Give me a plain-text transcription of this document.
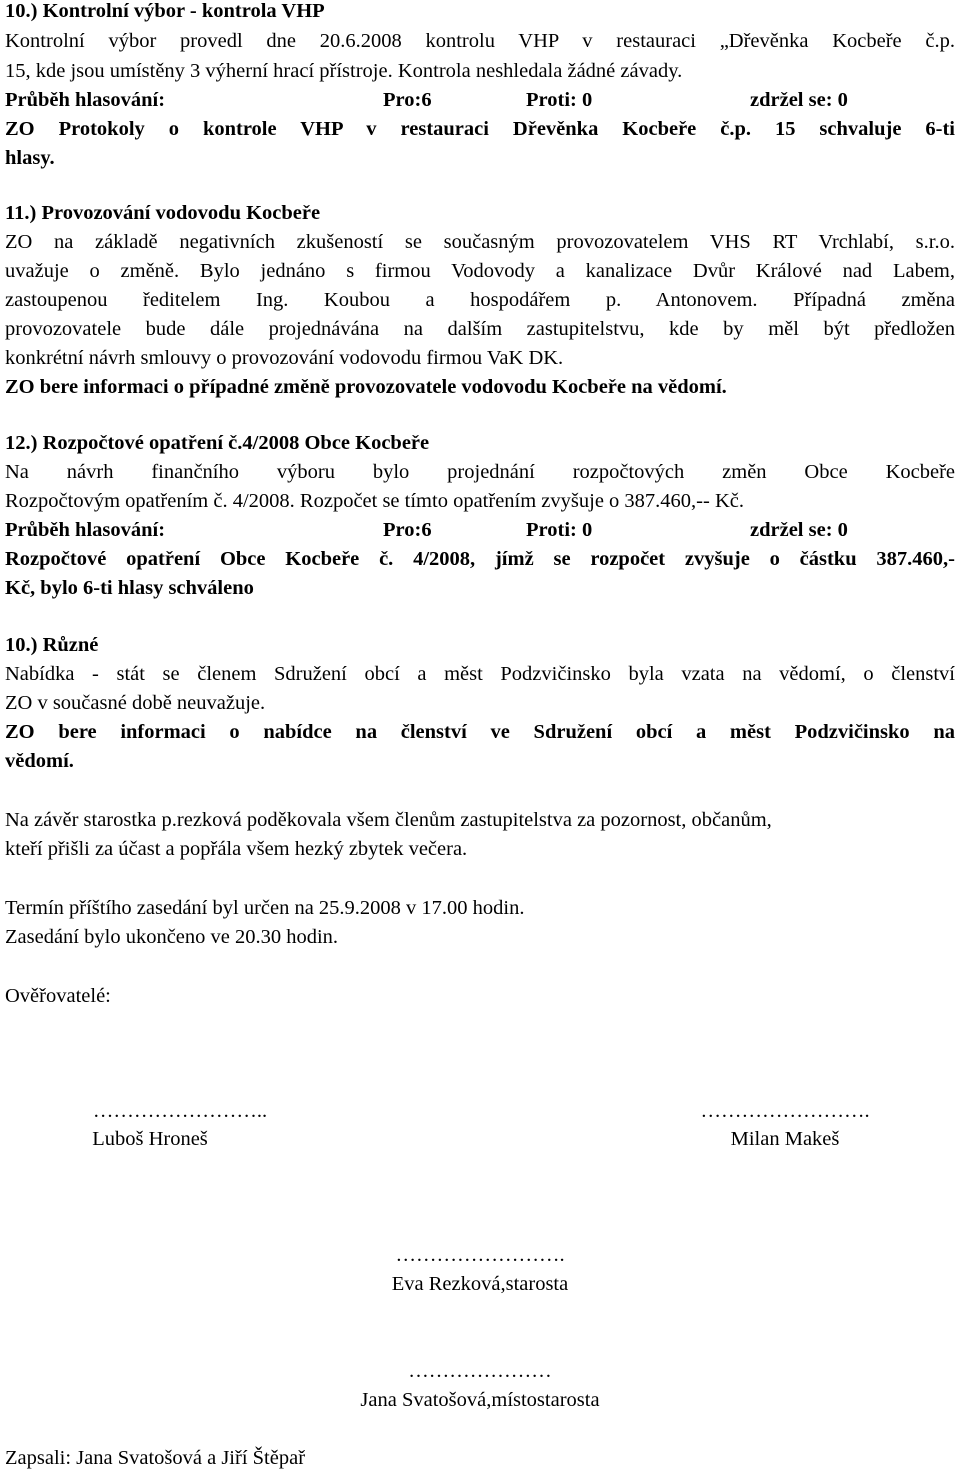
10.) Kontrolní výbor - kontrola VHP
Kontrolní výbor provedl dne 20.6.2008 kontrolu VHP v restauraci „Dřevěnka Kocbeře č.p.
15, kde jsou umístěny 3 výherní hrací přístroje. Kontrola neshledala žádné závady.
Průběh hlasování:	Pro:6	Proti: 0	zdržel se: 0
ZO Protokoly o kontrole VHP v restauraci Dřevěnka Kocbeře č.p. 15 schvaluje 6-ti
hlasy.
11.) Provozování vodovodu Kocbeře
ZO na základě negativních zkušeností se současným provozovatelem VHS RT Vrchlabí, s.r.o.
uvažuje o změně. Bylo jednáno s firmou Vodovody a kanalizace Dvůr Králové nad Labem,
zastoupenou ředitelem Ing. Koubou a hospodářem p. Antonovem. Případná změna
provozovatele bude dále projednávána na dalším zastupitelstvu, kde by měl být předložen
konkrétní návrh smlouvy o provozování vodovodu firmou VaK DK.
ZO bere informaci o případné změně provozovatele vodovodu Kocbeře na vědomí.
12.) Rozpočtové opatření č.4/2008 Obce Kocbeře
Na návrh finančního výboru bylo projednání rozpočtových změn Obce Kocbeře
Rozpočtovým opatřením č. 4/2008. Rozpočet se tímto opatřením zvyšuje o 387.460,-- Kč.
Průběh hlasování:	Pro:6	Proti: 0	zdržel se: 0
Rozpočtové opatření Obce Kocbeře č. 4/2008, jímž se rozpočet zvyšuje o částku 387.460,-
Kč, bylo 6-ti hlasy schváleno
10.) Různé
Nabídka - stát se členem Sdružení obcí a měst Podzvičinsko byla vzata na vědomí, o členství
ZO v současné době neuvažuje.
ZO bere informaci o nabídce na členství ve Sdružení obcí a měst Podzvičinsko na
vědomí.
Na závěr starostka p.rezková poděkovala všem členům zastupitelstva za pozornost, občanům,
kteří přišli za účast a popřála všem hezký zbytek večera.
Termín příštího zasedání byl určen na 25.9.2008 v 17.00 hodin.
Zasedání bylo ukončeno ve 20.30 hodin.
Ověřovatelé:
……………………..
Luboš Hroneš
…………………….
Milan Makeš
…………………….
Eva Rezková,starosta
…………………
Jana Svatošová,místostarosta
Zapsali: Jana Svatošová a Jiří Štěpař
